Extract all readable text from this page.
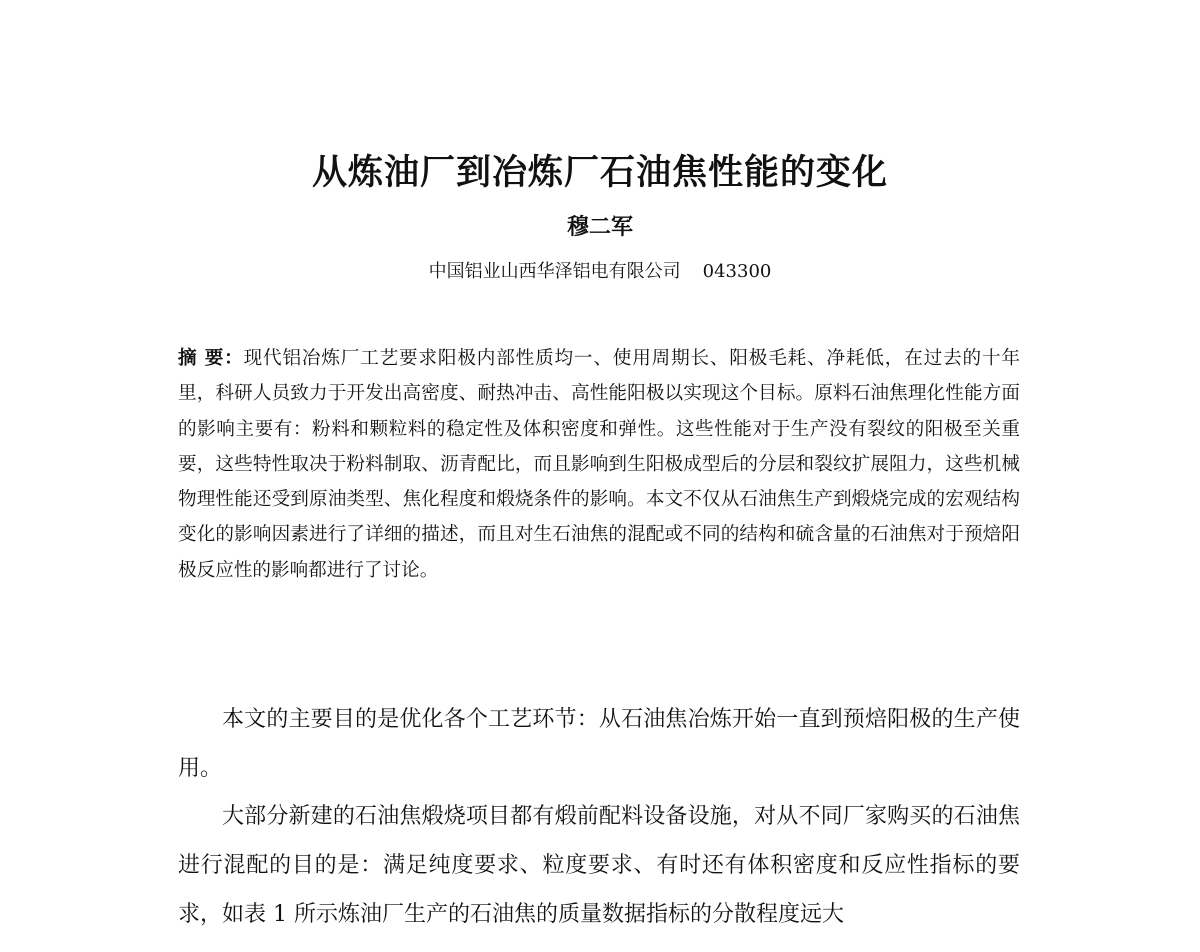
从炼油厂到冶炼厂石油焦性能的变化
穆二军
中国铝业山西华泽铝电有限公司 043300

摘 要：现代铝冶炼厂工艺要求阳极内部性质均一、使用周期长、阳极毛耗、净耗低，在过去的十年里，科研人员致力于开发出高密度、耐热冲击、高性能阳极以实现这个目标。原料石油焦理化性能方面的影响主要有：粉料和颗粒料的稳定性及体积密度和弹性。这些性能对于生产没有裂纹的阳极至关重要，这些特性取决于粉料制取、沥青配比，而且影响到生阳极成型后的分层和裂纹扩展阻力，这些机械物理性能还受到原油类型、焦化程度和煅烧条件的影响。本文不仅从石油焦生产到煅烧完成的宏观结构变化的影响因素进行了详细的描述，而且对生石油焦的混配或不同的结构和硫含量的石油焦对于预焙阳极反应性的影响都进行了讨论。

本文的主要目的是优化各个工艺环节：从石油焦冶炼开始一直到预焙阳极的生产使用。

大部分新建的石油焦煅烧项目都有煅前配料设备设施，对从不同厂家购买的石油焦进行混配的目的是：满足纯度要求、粒度要求、有时还有体积密度和反应性指标的要求，如表 1 所示炼油厂生产的石油焦的质量数据指标的分散程度远大
